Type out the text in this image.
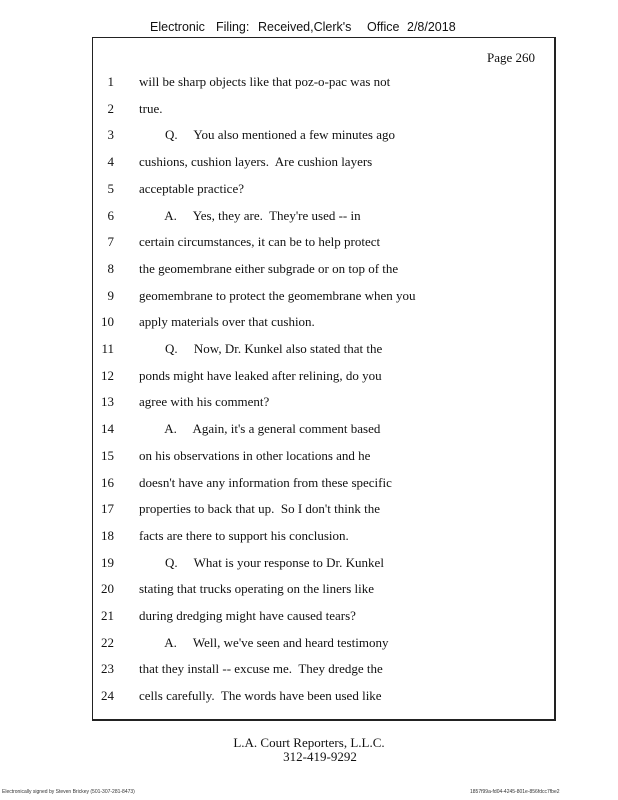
Electronic Filing: Received,Clerk's Office 2/8/2018
Page 260
1 will be sharp objects like that poz-o-pac was not
2 true.
3 Q.     You also mentioned a few minutes ago
4 cushions, cushion layers.  Are cushion layers
5 acceptable practice?
6 A.     Yes, they are.  They're used -- in
7 certain circumstances, it can be to help protect
8 the geomembrane either subgrade or on top of the
9 geomembrane to protect the geomembrane when you
10 apply materials over that cushion.
11 Q.     Now, Dr. Kunkel also stated that the
12 ponds might have leaked after relining, do you
13 agree with his comment?
14 A.     Again, it's a general comment based
15 on his observations in other locations and he
16 doesn't have any information from these specific
17 properties to back that up.  So I don't think the
18 facts are there to support his conclusion.
19 Q.     What is your response to Dr. Kunkel
20 stating that trucks operating on the liners like
21 during dredging might have caused tears?
22 A.     Well, we've seen and heard testimony
23 that they install -- excuse me.  They dredge the
24 cells carefully.  The words have been used like
L.A. Court Reporters, L.L.C.
312-419-9292
Electronically signed by Steven Brickey (501-307-281-8473)	1857f99a-fd04-4245-801e-856fdcc7fbe2
